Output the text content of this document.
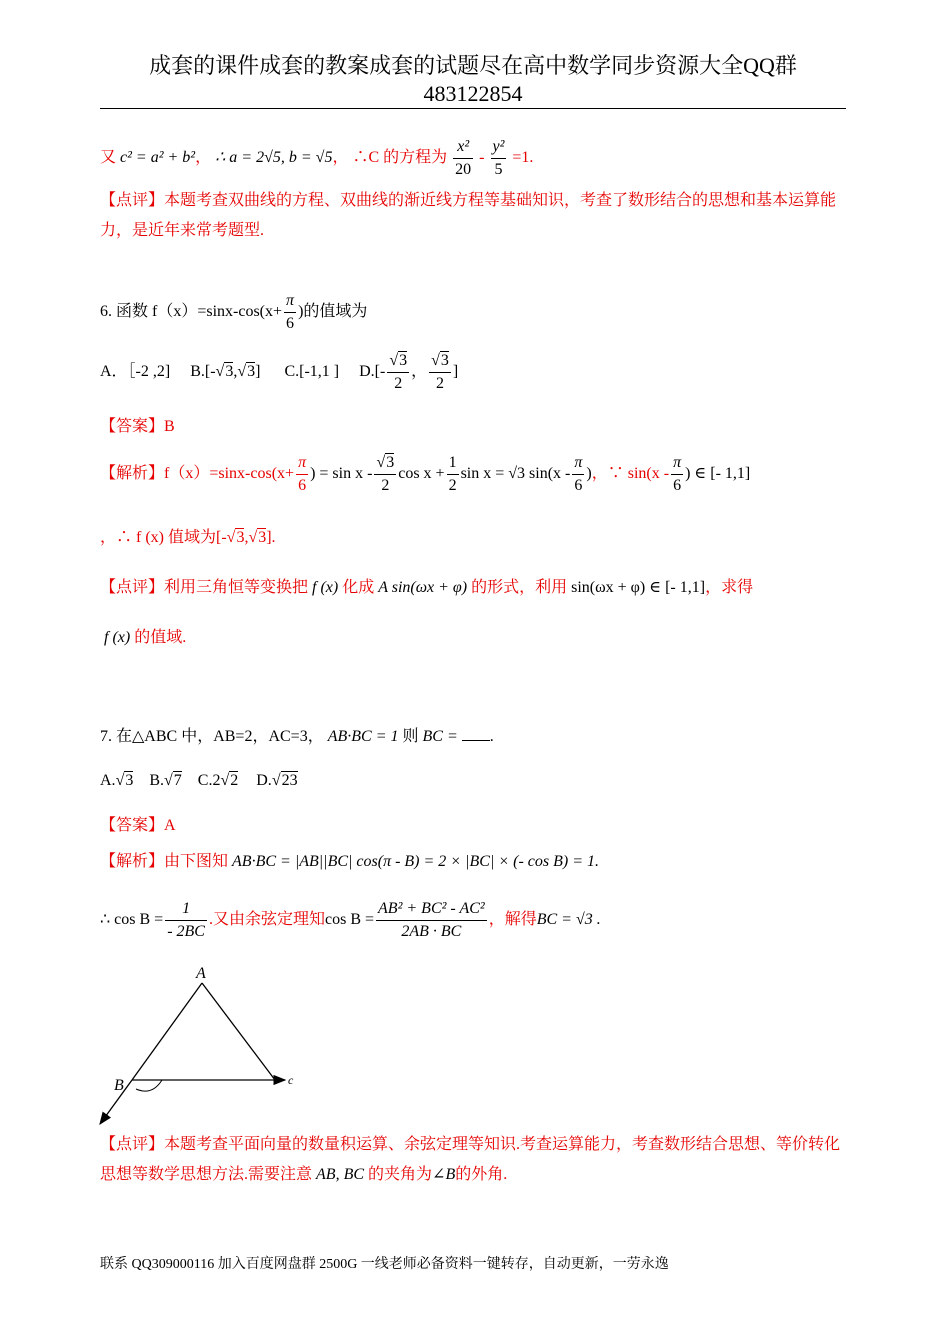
成套的课件成套的教案成套的试题尽在高中数学同步资源大全QQ群
483122854
又 c² = a² + b²， ∴ a = 2√5, b = √5， ∴C 的方程为 $\frac{\text{x²}}{20} - \frac{\text{y²}}{5} =1$.
【点评】本题考查双曲线的方程、双曲线的渐近线方程等基础知识，考查了数形结合的思想和基本运算能力，是近年来常考题型.
6. 函数 $f(x)=\sin x-\cos(x+ \frac{\pi}{6}$ )的值域为
A．［-2 ,2] B.[-√3,√3] C.[-1,1 ] $D.[- \frac{√3}{2}$ ， $\frac{√3}{2}$ ]
【答案】B
【解析】$f(x)=\sin x-\cos(x+ \frac{\pi}{6}$ ) = sin x - $\frac{√3}{2}$ $\cos x + \frac{1}{2}$ sin x = √3 $\sin(x - \frac{\pi}{6}$ )，∵ $\sin(x - \frac{\pi}{6}$ ) ∈ [- 1,1]
，∴ f (x) 值域为[-√3,√3].
【点评】利用三角恒等变换把 f (x) 化成 A sin(ωx + φ) 的形式，利用 sin(ωx + φ) ∈ [- 1,1]，求得
f (x) 的值域.
7. 在△ABC 中，AB=2，AC=3， AB·BC = 1 则 BC = .
A.√3 B.√7 C.2√2 D.√23
【答案】A
【解析】由下图知 AB·BC = |AB||BC| cos(π - B) = 2 × |BC| × (- cos B) = 1.
∴ $\cos B = \frac{1}{- 2BC}$ .又由余弦定理知$\cos B = \frac{\text{AB² + BC² - AC²}}{2AB \cdot BC}$ ，解得BC = √3 .
A
B	c
【点评】本题考查平面向量的数量积运算、余弦定理等知识.考查运算能力，考查数形结合思想、等价转化思想等数学思想方法.需要注意 AB, BC 的夹角为∠B的外角.
联系 QQ309000116 加入百度网盘群 2500G 一线老师必备资料一键转存，自动更新，一劳永逸
